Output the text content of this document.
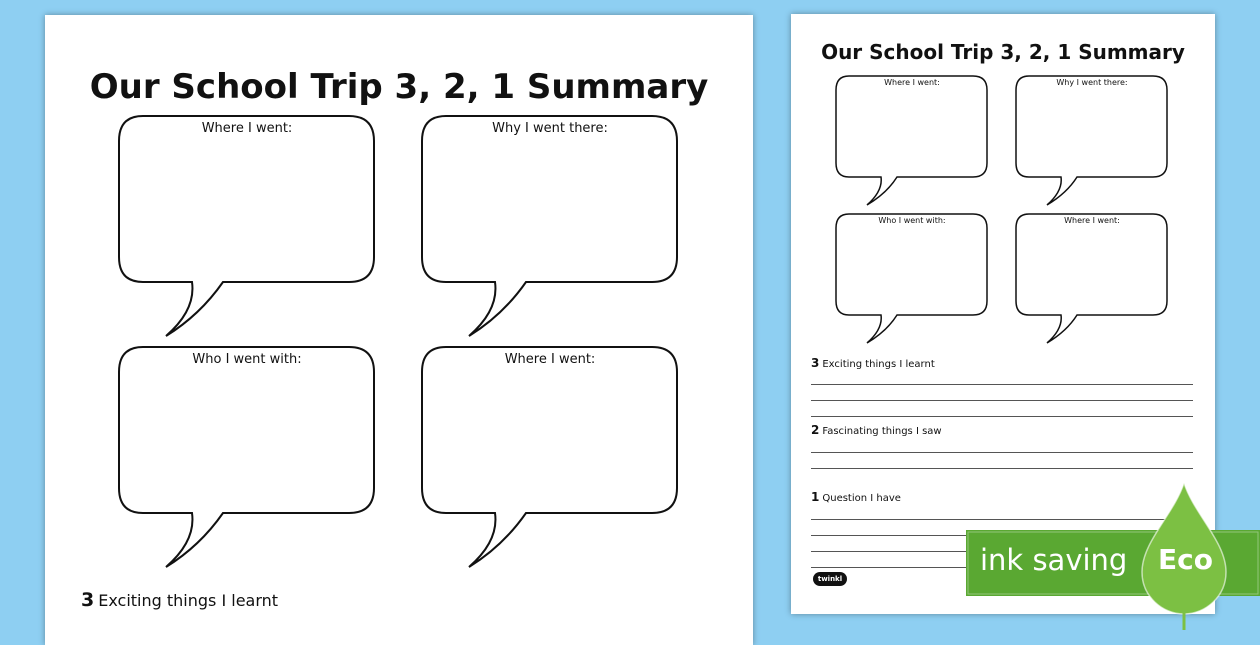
Our School Trip 3, 2, 1 Summary
Where I went:	Why I went there:
Who I went with:	Where I went:
3 Exciting things I learnt
Our School Trip 3, 2, 1 Summary
Where I went:	Why I went there:
Who I went with:	Where I went:
3 Exciting things I learnt
2 Fascinating things I saw
1 Question I have
twinkl
ink saving Eco
